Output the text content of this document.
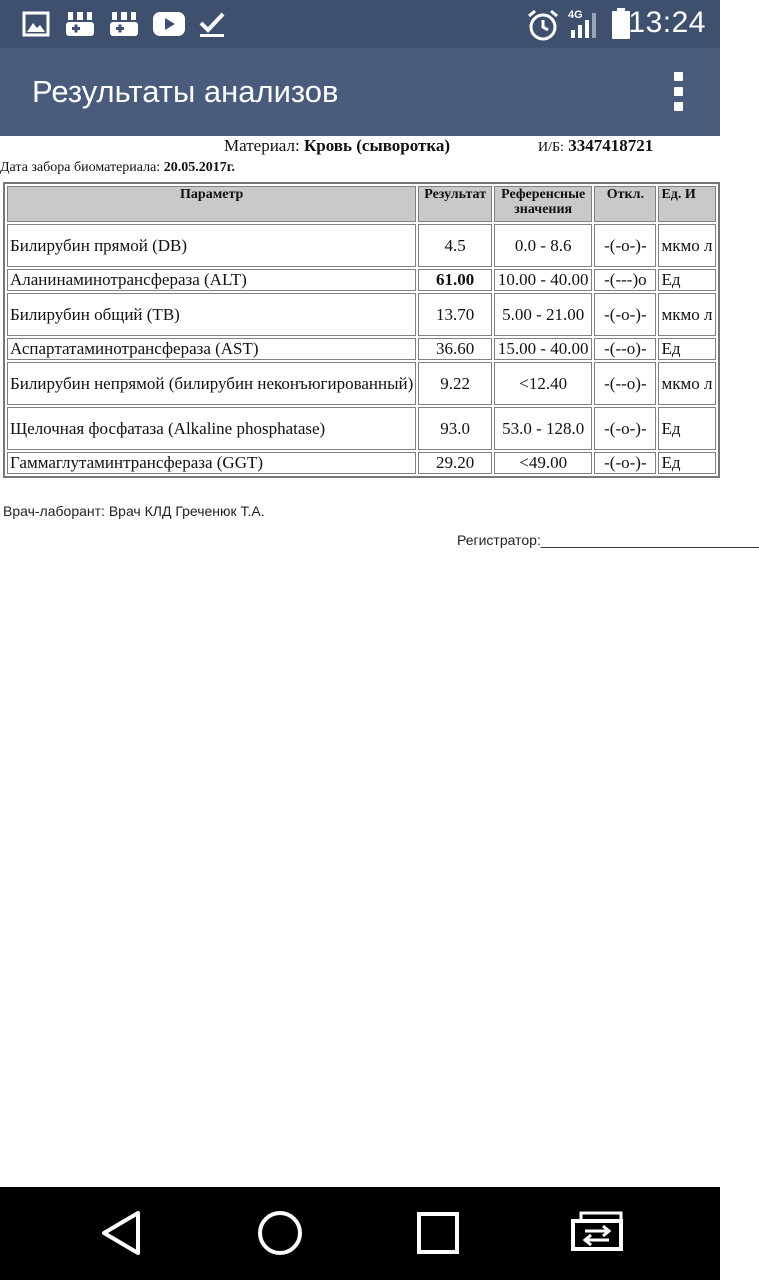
4G 13:24
Результаты анализов
Материал: Кровь (сыворотка)	И/Б: 3347418721
Дата забора биоматериала: 20.05.2017г.
Параметр	Результат	Референсные значения	Откл.	Ед. И
Билирубин прямой (DB)	4.5	0.0 - 8.6	-(-о-)-	мкмо л
Аланинаминотрансфераза (ALT)	61.00	10.00 - 40.00	-(---)о	Ед
Билирубин общий (ТВ)	13.70	5.00 - 21.00	-(-о-)-	мкмо л
Аспартатаминотрансфераза (AST)	36.60	15.00 - 40.00	-(--о)-	Ед
Билирубин непрямой (билирубин неконъюгированный)	9.22	<12.40	-(--о)-	мкмо л
Щелочная фосфатаза (Alkaline phosphatase)	93.0	53.0 - 128.0	-(-о-)-	Ед
Гаммаглутаминтрансфераза (GGT)	29.20	<49.00	-(-о-)-	Ед
Врач-лаборант: Врач КЛД Греченюк Т.А.
Регистратор:____________________________
